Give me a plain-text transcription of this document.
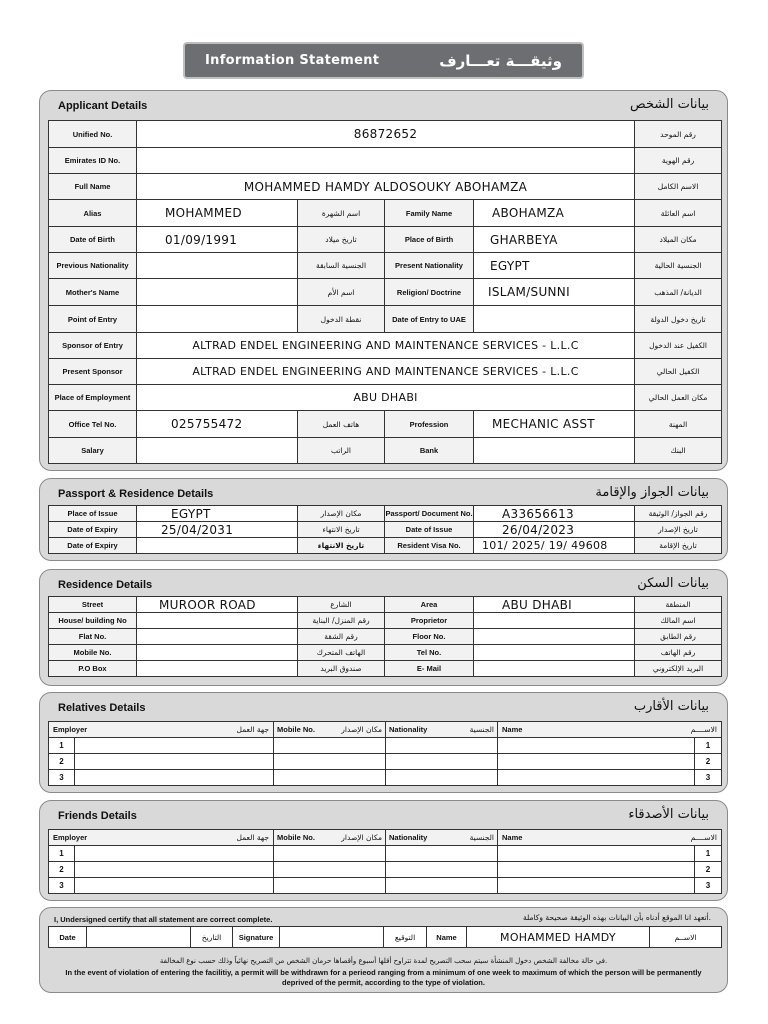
Information Statement	وثيقـــة تعـــارف
Applicant Details	بيانات الشخص
Unified No.	86872652				رقم الموحد
Emirates ID No.					رقم الهوية
Full Name	MOHAMMED HAMDY ALDOSOUKY ABOHAMZA				الاسم الكامل
Alias	MOHAMMED	اسم الشهرة	Family Name	ABOHAMZA	اسم العائلة
Date of Birth	01/09/1991	تاريخ ميلاد	Place of Birth	GHARBEYA	مكان الميلاد
Previous Nationality		الجنسية السابقة	Present Nationality	EGYPT	الجنسية الحالية
Mother's Name		اسم الأم	Religion/ Doctrine	ISLAM/SUNNI	الديانة/ المذهب
Point of Entry		نقطة الدخول	Date of Entry to UAE		تاريخ دخول الدولة
Sponsor of Entry	ALTRAD ENDEL ENGINEERING AND MAINTENANCE SERVICES - L.L.C				الكفيل عند الدخول
Present Sponsor	ALTRAD ENDEL ENGINEERING AND MAINTENANCE SERVICES - L.L.C				الكفيل الحالي
Place of Employment	ABU DHABI				مكان العمل الحالي
Office Tel No.	025755472	هاتف العمل	Profession	MECHANIC ASST	المهنة
Salary		الراتب	Bank		البنك
Passport & Residence Details	بيانات الجواز والإقامة
Place of Issue	EGYPT	مكان الإصدار	Passport/ Document No.	A33656613	رقم الجواز/ الوثيقة
Date of Expiry	25/04/2031	تاريخ الانتهاء	Date of Issue	26/04/2023	تاريخ الإصدار
Date of Expiry		تاريخ الانتهاء	Resident Visa No.	101/ 2025/ 19/ 49608	تاريخ الإقامة
Residence Details	بيانات السكن
Street	MUROOR ROAD	الشارع	Area	ABU DHABI	المنطقة
House/ building No		رقم المنزل/ البناية	Proprietor		اسم المالك
Flat No.		رقم الشقة	Floor No.		رقم الطابق
Mobile No.		الهاتف المتحرك	Tel No.		رقم الهاتف
P.O Box		صندوق البريد	E- Mail		البريد الإلكتروني
Relatives Details	بيانات الأقارب
Employer جهة العمل		Mobile No. مكان الإصدار	Nationality الجنسية	Name الاســــم	

1					1
2					2
3					3
Friends Details	بيانات الأصدقاء
Employer جهة العمل		Mobile No. مكان الإصدار	Nationality الجنسية	Name الاســــم	

1					1
2					2
3					3
I, Undersigned certify that all statement are correct complete.	أتعهد انا الموقع أدناه بأن البيانات بهذه الوثيقة صحيحة وكاملة.
Date		التاريخ	Signature		التوقيع	Name	MOHAMMED HAMDY	الاســم
في حالة مخالفة الشخص دخول المنشأة سيتم سحب التصريح لمدة تتراوح أقلها أسبوع وأقصاها حرمان الشخص من التصريح نهائياً وذلك حسب نوع المخالفة.
In the event of violation of entering the facilitiy, a permit will be withdrawn for a perieod ranging from a minimum of one week to maximum of which the person will be permanently deprived of the permit, according to the type of violation.
